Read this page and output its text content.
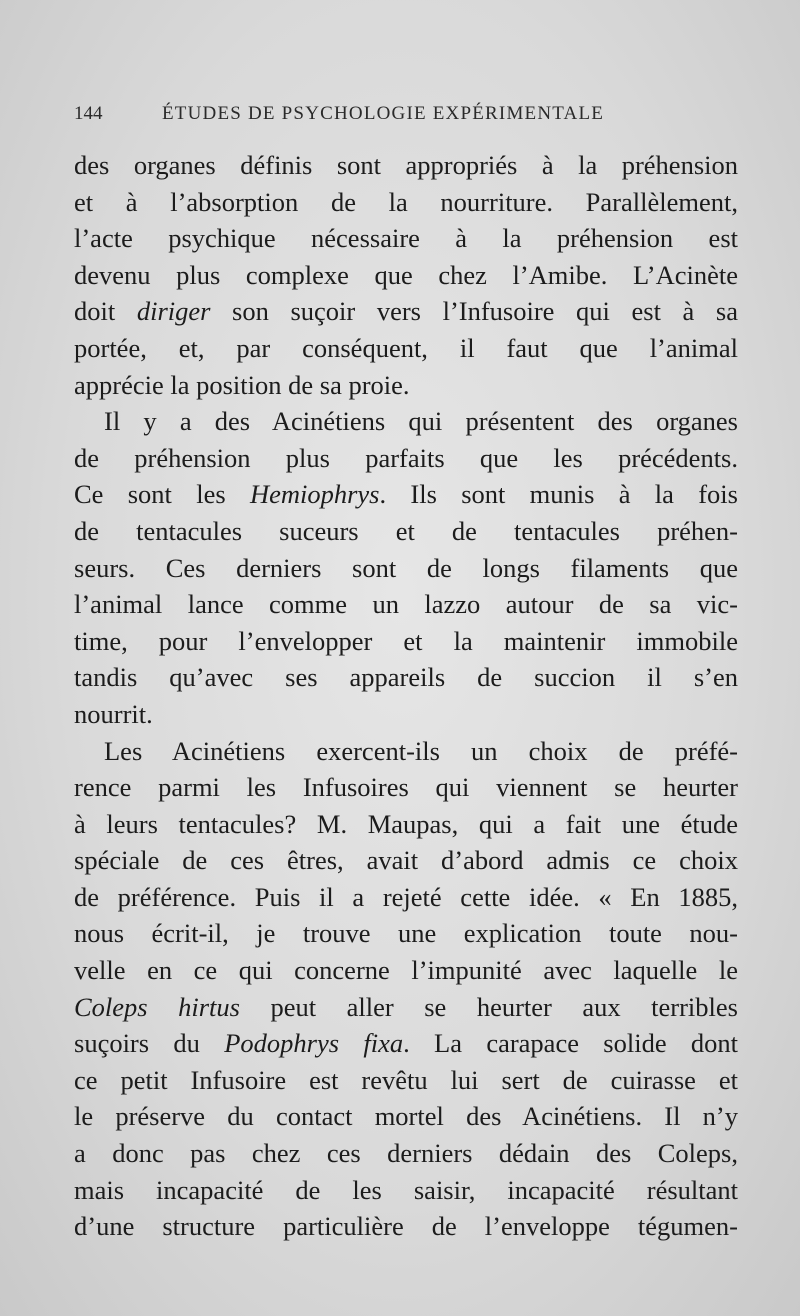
144	ÉTUDES DE PSYCHOLOGIE EXPÉRIMENTALE
des organes définis sont appropriés à la préhension
et à l’absorption de la nourriture. Parallèlement,
l’acte psychique nécessaire à la préhension est
devenu plus complexe que chez l’Amibe. L’Acinète
doit diriger son suçoir vers l’Infusoire qui est à sa
portée, et, par conséquent, il faut que l’animal
apprécie la position de sa proie.
Il y a des Acinétiens qui présentent des organes
de préhension plus parfaits que les précédents.
Ce sont les Hemiophrys. Ils sont munis à la fois
de tentacules suceurs et de tentacules préhen-
seurs. Ces derniers sont de longs filaments que
l’animal lance comme un lazzo autour de sa vic-
time, pour l’envelopper et la maintenir immobile
tandis qu’avec ses appareils de succion il s’en
nourrit.
Les Acinétiens exercent-ils un choix de préfé-
rence parmi les Infusoires qui viennent se heurter
à leurs tentacules? M. Maupas, qui a fait une étude
spéciale de ces êtres, avait d’abord admis ce choix
de préférence. Puis il a rejeté cette idée. « En 1885,
nous écrit-il, je trouve une explication toute nou-
velle en ce qui concerne l’impunité avec laquelle le
Coleps hirtus peut aller se heurter aux terribles
suçoirs du Podophrys fixa. La carapace solide dont
ce petit Infusoire est revêtu lui sert de cuirasse et
le préserve du contact mortel des Acinétiens. Il n’y
a donc pas chez ces derniers dédain des Coleps,
mais incapacité de les saisir, incapacité résultant
d’une structure particulière de l’enveloppe tégumen-
